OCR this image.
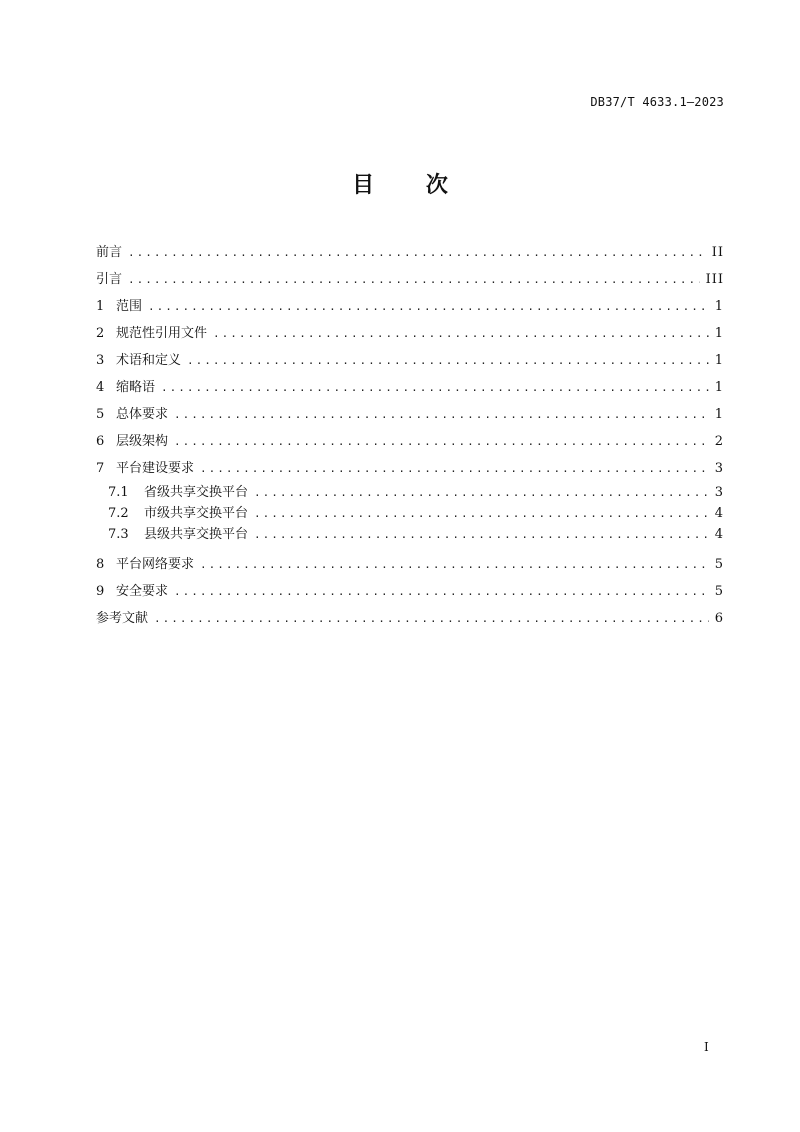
DB37/T 4633.1—2023
目 次
前言 .....	II
引言 .....	III
1 范围 .....	1
2 规范性引用文件 .....	1
3 术语和定义 .....	1
4 缩略语 .....	1
5 总体要求 .....	1
6 层级架构 .....	2
7 平台建设要求 .....	3
7.1	省级共享交换平台 .....	3
7.2	市级共享交换平台 .....	4
7.3	县级共享交换平台 .....	4
8 平台网络要求 .....	5
9 安全要求 .....	5
参考文献 .....	6
I
